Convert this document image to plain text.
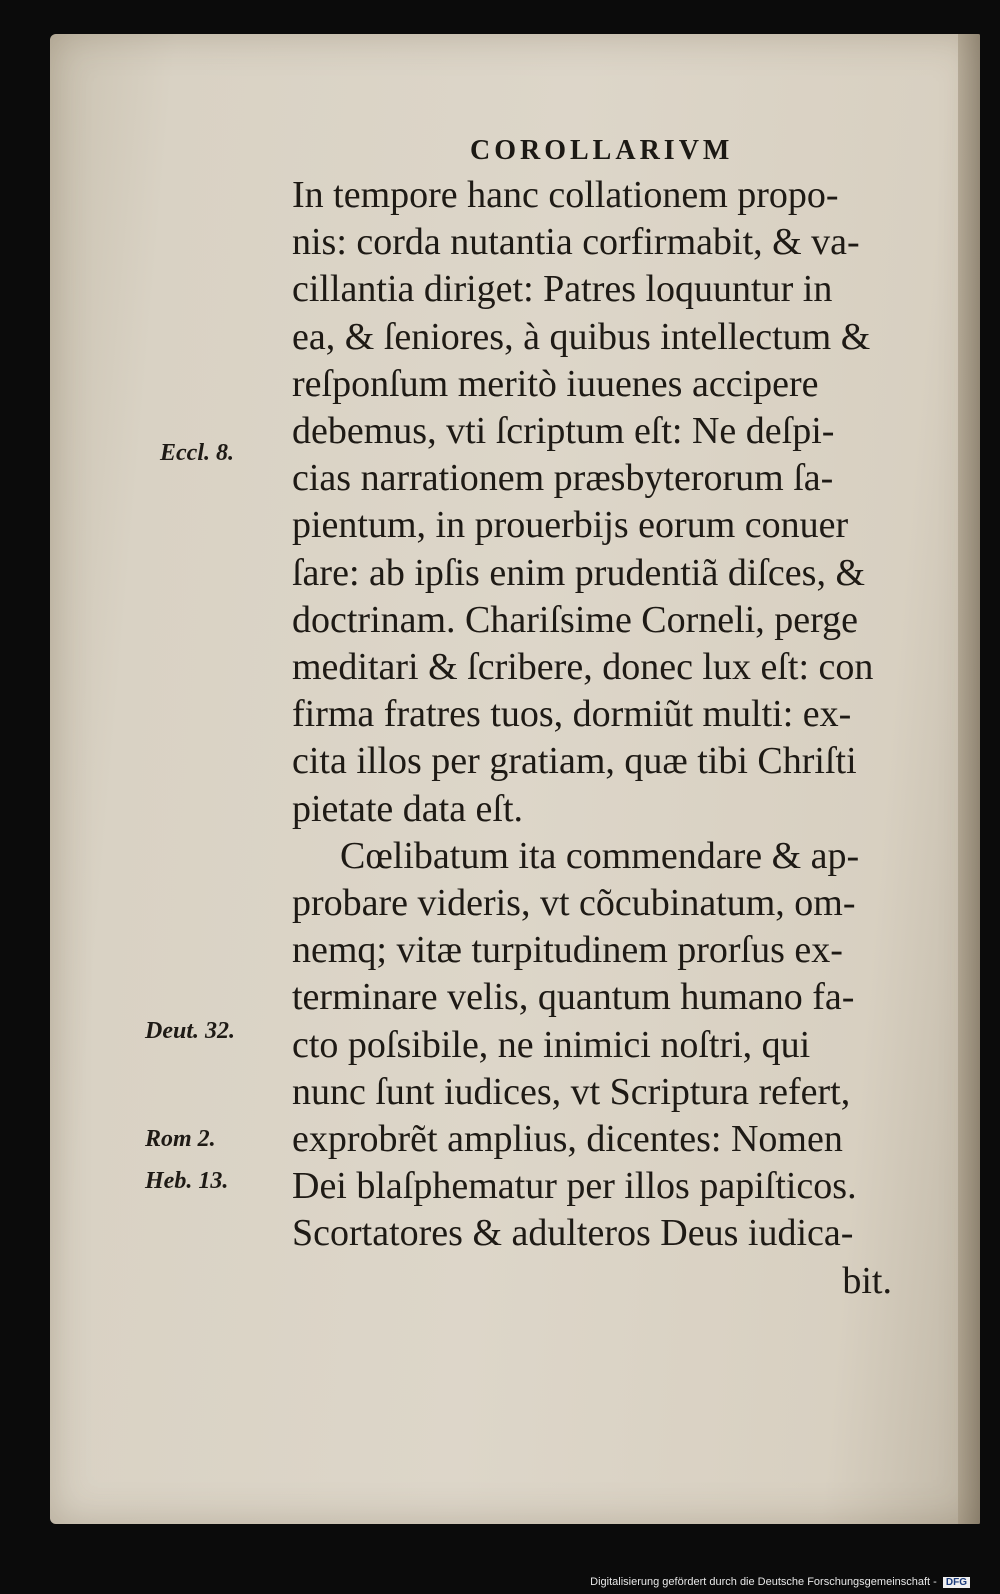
COROLLARIVM
In tempore hanc collationem propo-
nis: corda nutantia corfirmabit, & va-
cillantia diriget: Patres loquuntur in
ea, & ſeniores, à quibus intellectum &
reſponſum meritò iuuenes accipere
debemus, vti ſcriptum eſt: Ne deſpi-
cias narrationem præsbyterorum ſa-
pientum, in prouerbijs eorum conuer
ſare: ab ipſis enim prudentiã diſces, &
doctrinam. Chariſsime Corneli, perge
meditari & ſcribere, donec lux eſt: con
firma fratres tuos, dormiũt multi: ex-
cita illos per gratiam, quæ tibi Chriſti
pietate data eſt.
Cœlibatum ita commendare & ap-
probare videris, vt cõcubinatum, om-
nemq; vitæ turpitudinem prorſus ex-
terminare velis, quantum humano fa-
cto poſsibile, ne inimici noſtri, qui
nunc ſunt iudices, vt Scriptura refert,
exprobrẽt amplius, dicentes: Nomen
Dei blaſphematur per illos papiſticos.
Scortatores & adulteros Deus iudica-
bit.
Eccl. 8.
Deut. 32.
Rom 2.
Heb. 13.
Digitalisierung gefördert durch die Deutsche Forschungsgemeinschaft - DFG
